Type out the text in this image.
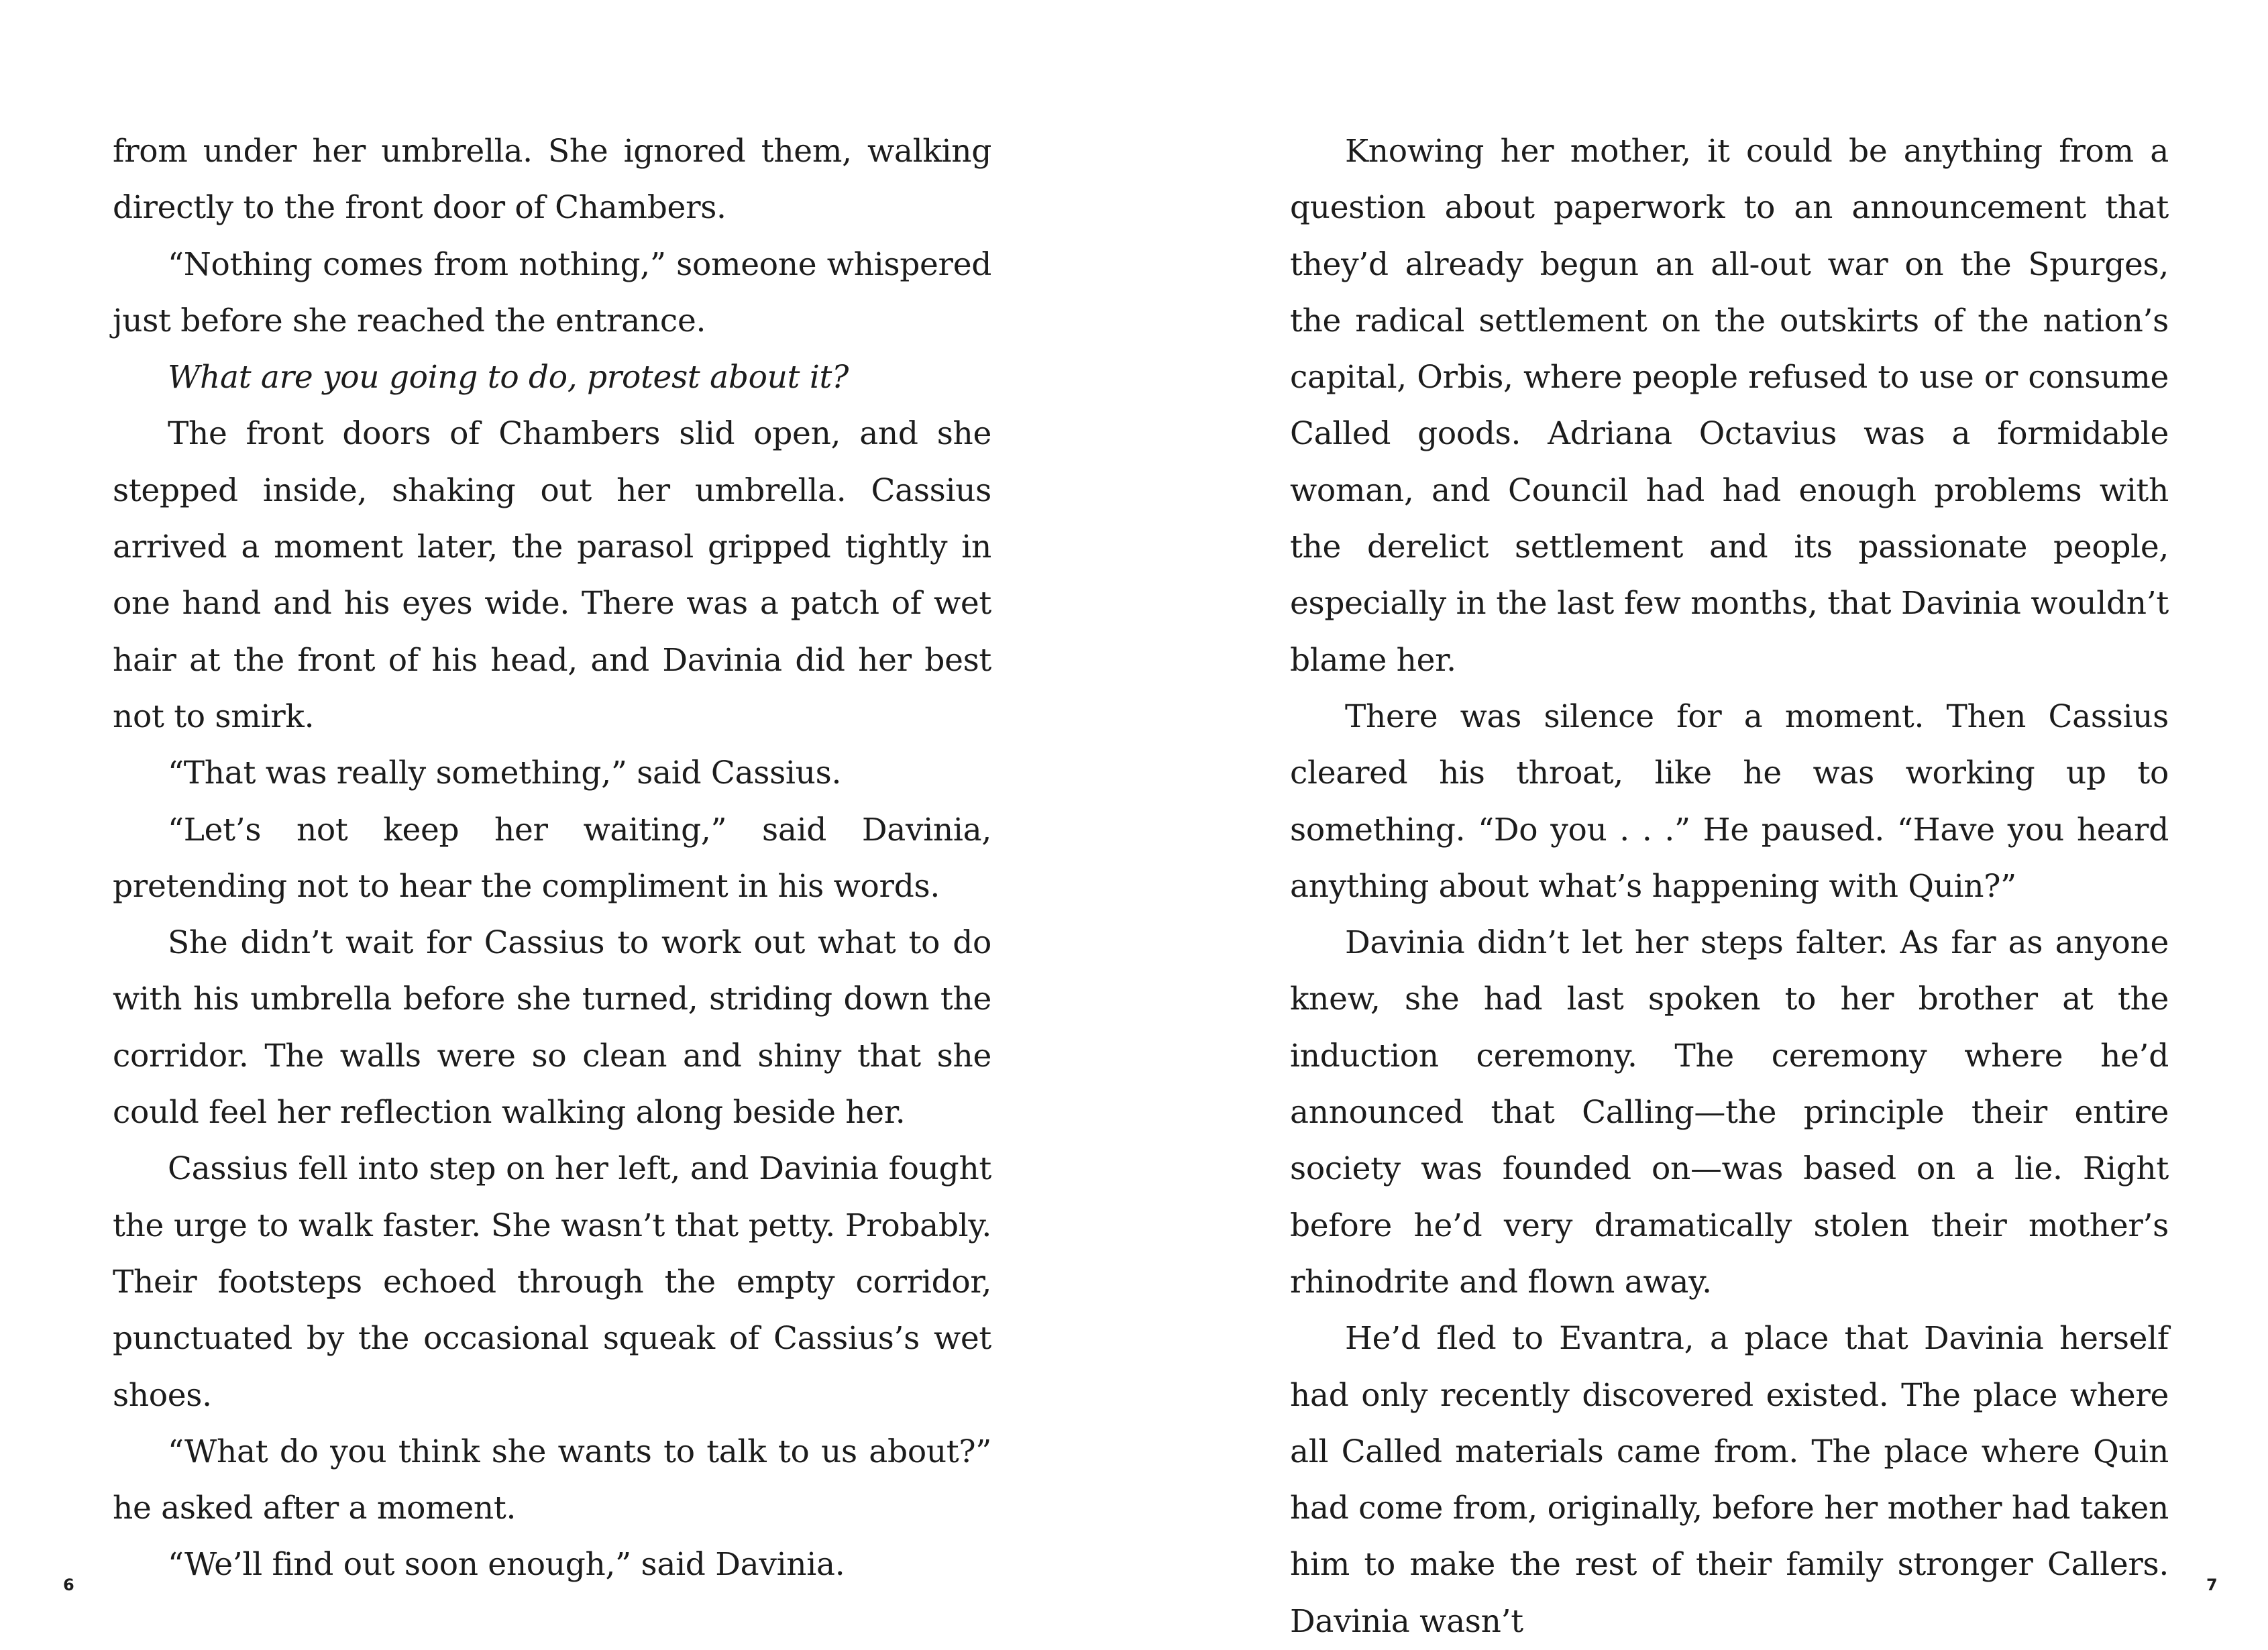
from under her umbrella. She ignored them, walking directly to the front door of Chambers.

“Nothing comes from nothing,” someone whispered just before she reached the entrance.

What are you going to do, protest about it?

The front doors of Chambers slid open, and she stepped inside, shaking out her umbrella. Cassius arrived a moment later, the parasol gripped tightly in one hand and his eyes wide. There was a patch of wet hair at the front of his head, and Davinia did her best not to smirk.

“That was really something,” said Cassius.

“Let’s not keep her waiting,” said Davinia, pretending not to hear the compliment in his words.

She didn’t wait for Cassius to work out what to do with his umbrella before she turned, striding down the corridor. The walls were so clean and shiny that she could feel her reflection walking along beside her.

Cassius fell into step on her left, and Davinia fought the urge to walk faster. She wasn’t that petty. Probably. Their footsteps echoed through the empty corridor, punctuated by the occasional squeak of Cassius’s wet shoes.

“What do you think she wants to talk to us about?” he asked after a moment.

“We’ll find out soon enough,” said Davinia.

6

Knowing her mother, it could be anything from a question about paperwork to an announcement that they’d already begun an all-out war on the Spurges, the radical settlement on the outskirts of the nation’s capital, Orbis, where people refused to use or consume Called goods. Adriana Octavius was a formidable woman, and Council had had enough problems with the derelict settlement and its passionate people, especially in the last few months, that Davinia wouldn’t blame her.

There was silence for a moment. Then Cassius cleared his throat, like he was working up to something. “Do you . . .” He paused. “Have you heard anything about what’s happening with Quin?”

Davinia didn’t let her steps falter. As far as anyone knew, she had last spoken to her brother at the induction ceremony. The ceremony where he’d announced that Calling—the principle their entire society was founded on—was based on a lie. Right before he’d very dramatically stolen their mother’s rhinodrite and flown away.

He’d fled to Evantra, a place that Davinia herself had only recently discovered existed. The place where all Called materials came from. The place where Quin had come from, originally, before her mother had taken him to make the rest of their family stronger Callers. Davinia wasn’t

7
